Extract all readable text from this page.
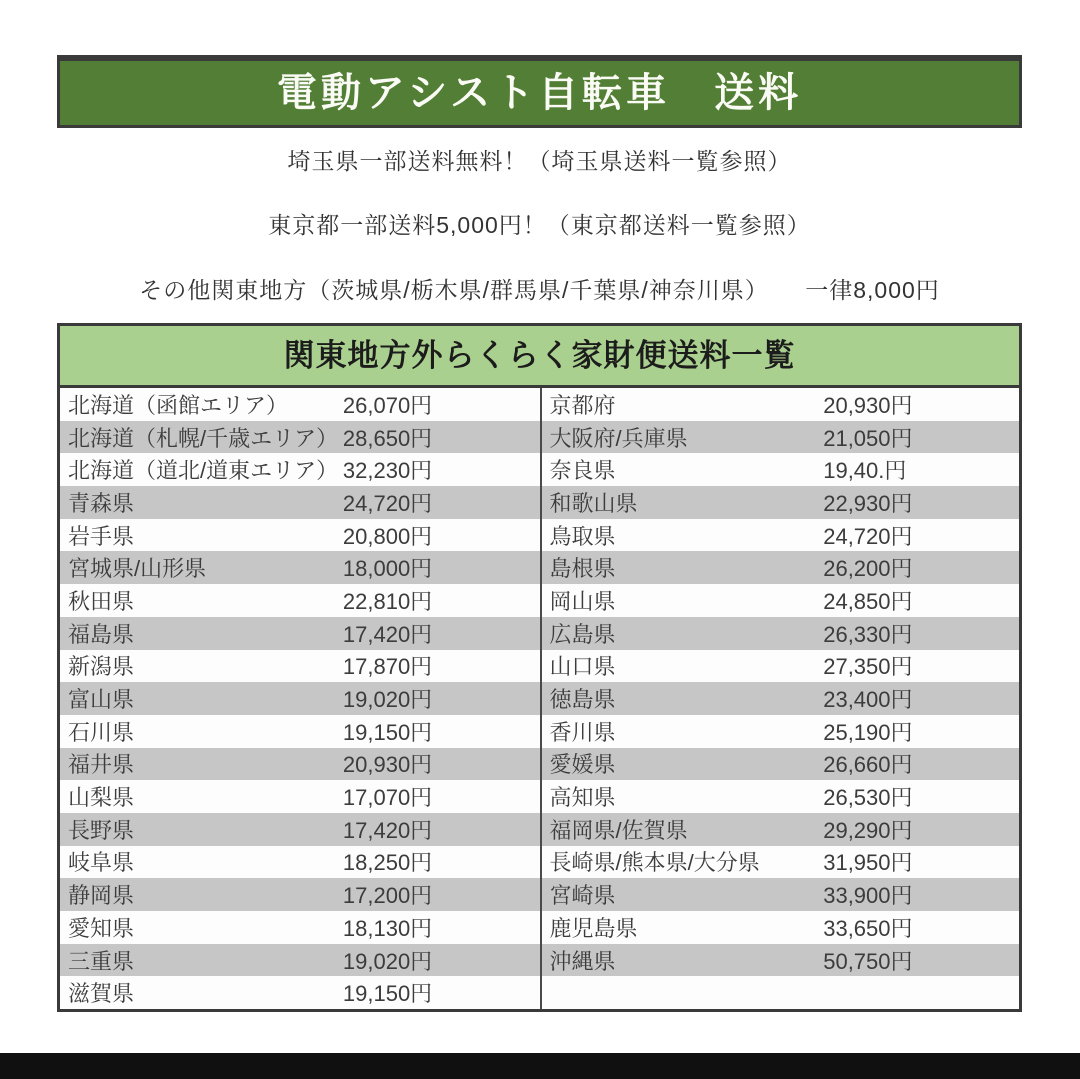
電動アシスト自転車　送料
埼玉県一部送料無料！（埼玉県送料一覧参照）
東京都一部送料5,000円！（東京都送料一覧参照）
その他関東地方（茨城県/栃木県/群馬県/千葉県/神奈川県）　　一律8,000円
関東地方外らくらく家財便送料一覧
北海道（函館エリア）	26,070円	京都府	20,930円
北海道（札幌/千歳エリア） 28,650円	大阪府/兵庫県	21,050円
北海道（道北/道東エリア） 32,230円	奈良県	19,40.円
青森県	24,720円	和歌山県	22,930円
岩手県	20,800円	鳥取県	24,720円
宮城県/山形県	18,000円	島根県	26,200円
秋田県	22,810円	岡山県	24,850円
福島県	17,420円	広島県	26,330円
新潟県	17,870円	山口県	27,350円
富山県	19,020円	徳島県	23,400円
石川県	19,150円	香川県	25,190円
福井県	20,930円	愛媛県	26,660円
山梨県	17,070円	高知県	26,530円
長野県	17,420円	福岡県/佐賀県	29,290円
岐阜県	18,250円	長崎県/熊本県/大分県	31,950円
静岡県	17,200円	宮崎県	33,900円
愛知県	18,130円	鹿児島県	33,650円
三重県	19,020円	沖縄県	50,750円
滋賀県	19,150円
